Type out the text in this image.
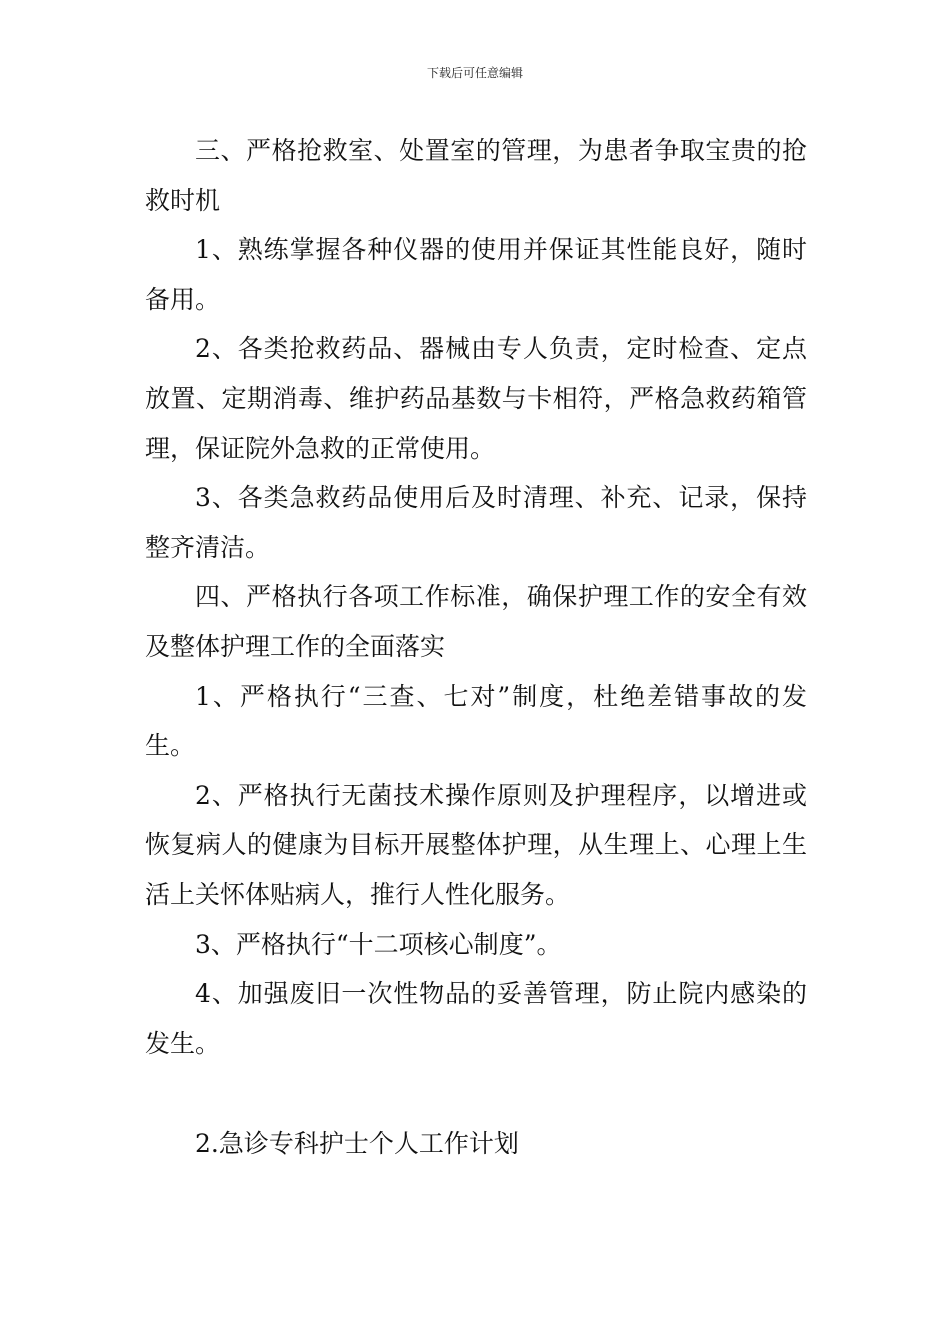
下载后可任意编辑

三、严格抢救室、处置室的管理，为患者争取宝贵的抢救时机

1、熟练掌握各种仪器的使用并保证其性能良好，随时备用。

2、各类抢救药品、器械由专人负责，定时检查、定点放置、定期消毒、维护药品基数与卡相符，严格急救药箱管理，保证院外急救的正常使用。

3、各类急救药品使用后及时清理、补充、记录，保持整齐清洁。

四、严格执行各项工作标准，确保护理工作的安全有效及整体护理工作的全面落实

1、严格执行“三查、七对”制度，杜绝差错事故的发生。

2、严格执行无菌技术操作原则及护理程序，以增进或恢复病人的健康为目标开展整体护理，从生理上、心理上生活上关怀体贴病人，推行人性化服务。

3、严格执行“十二项核心制度”。

4、加强废旧一次性物品的妥善管理，防止院内感染的发生。

2.急诊专科护士个人工作计划
